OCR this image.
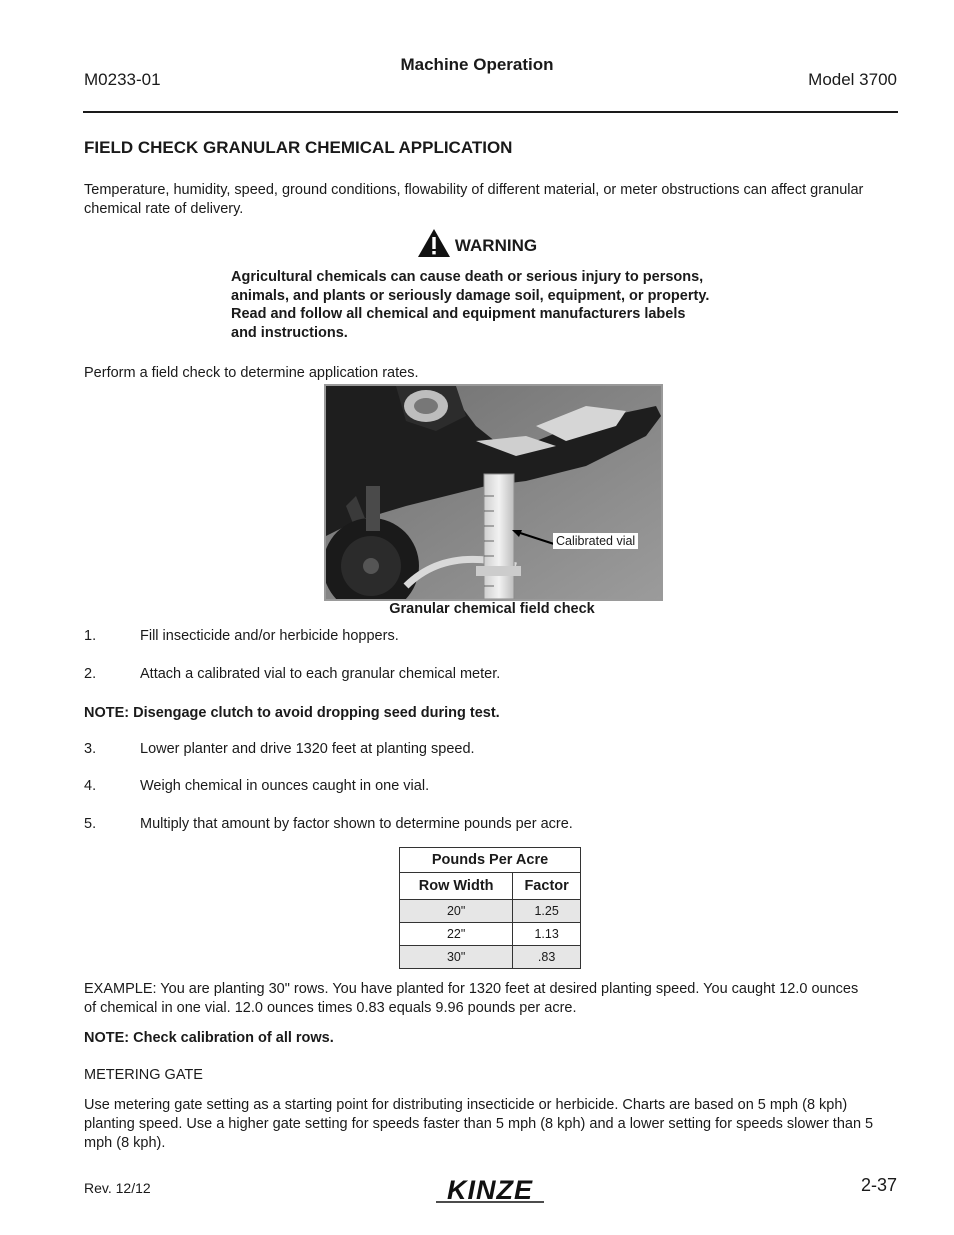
M0233-01
Machine Operation
Model 3700
FIELD CHECK GRANULAR CHEMICAL APPLICATION
Temperature, humidity, speed, ground conditions, flowability of different material, or meter obstructions can affect granular chemical rate of delivery.
WARNING
Agricultural chemicals can cause death or serious injury to persons,
animals, and plants or seriously damage soil, equipment, or property.
Read and follow all chemical and equipment manufacturers labels
and instructions.
Perform a field check to determine application rates.
Calibrated vial
Granular chemical field check
1.	Fill insecticide and/or herbicide hoppers.
2.	Attach a calibrated vial to each granular chemical meter.
NOTE: Disengage clutch to avoid dropping seed during test.
3.	Lower planter and drive 1320 feet at planting speed.
4.	Weigh chemical in ounces caught in one vial.
5.	Multiply that amount by factor shown to determine pounds per acre.
Pounds Per Acre	
Row Width	Factor
20"	1.25
22"	1.13
30"	.83
EXAMPLE: You are planting 30" rows. You have planted for 1320 feet at desired planting speed. You caught 12.0 ounces of chemical in one vial. 12.0 ounces times 0.83 equals 9.96 pounds per acre.
NOTE: Check calibration of all rows.
METERING GATE
Use metering gate setting as a starting point for distributing insecticide or herbicide. Charts are based on 5 mph (8 kph) planting speed. Use a higher gate setting for speeds faster than 5 mph (8 kph) and a lower setting for speeds slower than 5 mph (8 kph).
Rev. 12/12	KINZE	2-37
